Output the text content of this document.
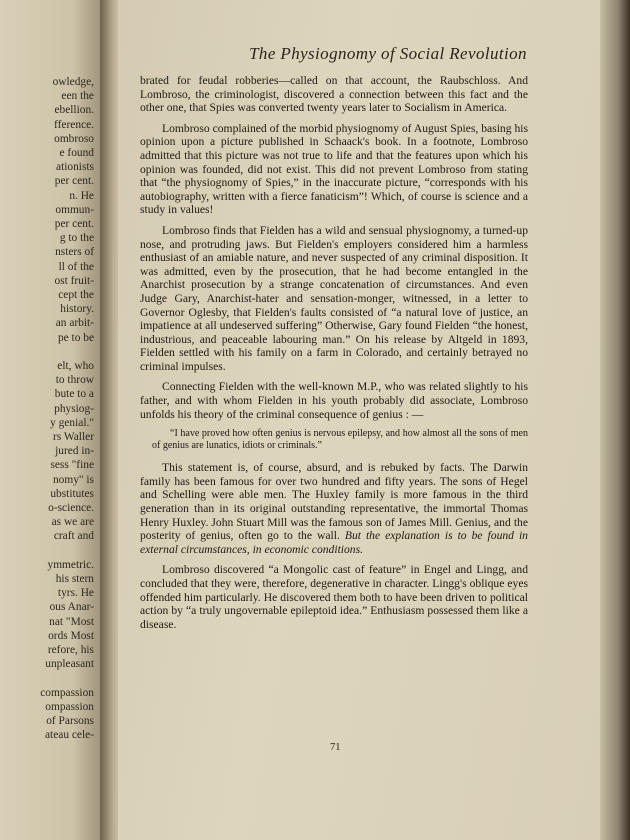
owledge,
een the
ebellion.
fference.
ombroso
e found
ationists
per cent.
n. He
ommun-
per cent.
g to the
nsters of
ll of the
ost fruit-
cept the
history.
an arbit-
pe to be
elt, who
to throw
bute to a
physiog-
y genial."
rs Waller
jured in-
sess "fine
nomy" is
ubstitutes
o-science.
as we are
craft and
ymmetric.
his stern
tyrs. He
ous Anar-
nat "Most
ords Most
refore, his
unpleasant
compassion
ompassion
of Parsons
ateau cele-
The Physiognomy of Social Revolution

brated for feudal robberies—called on that account, the Raubschloss. And Lombroso, the criminologist, discovered a connection between this fact and the other one, that Spies was converted twenty years later to Socialism in America.

Lombroso complained of the morbid physiognomy of August Spies, basing his opinion upon a picture published in Schaack's book. In a footnote, Lombroso admitted that this picture was not true to life and that the features upon which his opinion was founded, did not exist. This did not prevent Lombroso from stating that “the physiognomy of Spies,” in the inaccurate picture, “corresponds with his autobiography, written with a fierce fanaticism”! Which, of course is science and a study in values!

Lombroso finds that Fielden has a wild and sensual physiognomy, a turned-up nose, and protruding jaws. But Fielden's employers considered him a harmless enthusiast of an amiable nature, and never suspected of any criminal disposition. It was admitted, even by the prosecution, that he had become entangled in the Anarchist prosecution by a strange concatenation of circumstances. And even Judge Gary, Anarchist-hater and sensation-monger, witnessed, in a letter to Governor Oglesby, that Fielden's faults consisted of “a natural love of justice, an impatience at all undeserved suffering” Otherwise, Gary found Fielden “the honest, industrious, and peaceable labouring man.” On his release by Altgeld in 1893, Fielden settled with his family on a farm in Colorado, and certainly betrayed no criminal impulses.

Connecting Fielden with the well-known M.P., who was related slightly to his father, and with whom Fielden in his youth probably did associate, Lombroso unfolds his theory of the criminal consequence of genius : —

“I have proved how often genius is nervous epilepsy, and how almost all the sons of men of genius are lunatics, idiots or criminals.”

This statement is, of course, absurd, and is rebuked by facts. The Darwin family has been famous for over two hundred and fifty years. The sons of Hegel and Schelling were able men. The Huxley family is more famous in the third generation than in its original outstanding representative, the immortal Thomas Henry Huxley. John Stuart Mill was the famous son of James Mill. Genius, and the posterity of genius, often go to the wall. But the explanation is to be found in external circumstances, in economic conditions.

Lombroso discovered “a Mongolic cast of feature” in Engel and Lingg, and concluded that they were, therefore, degenerative in character. Lingg's oblique eyes offended him particularly. He discovered them both to have been driven to political action by “a truly ungovernable epileptoid idea.” Enthusiasm possessed them like a disease.

71
